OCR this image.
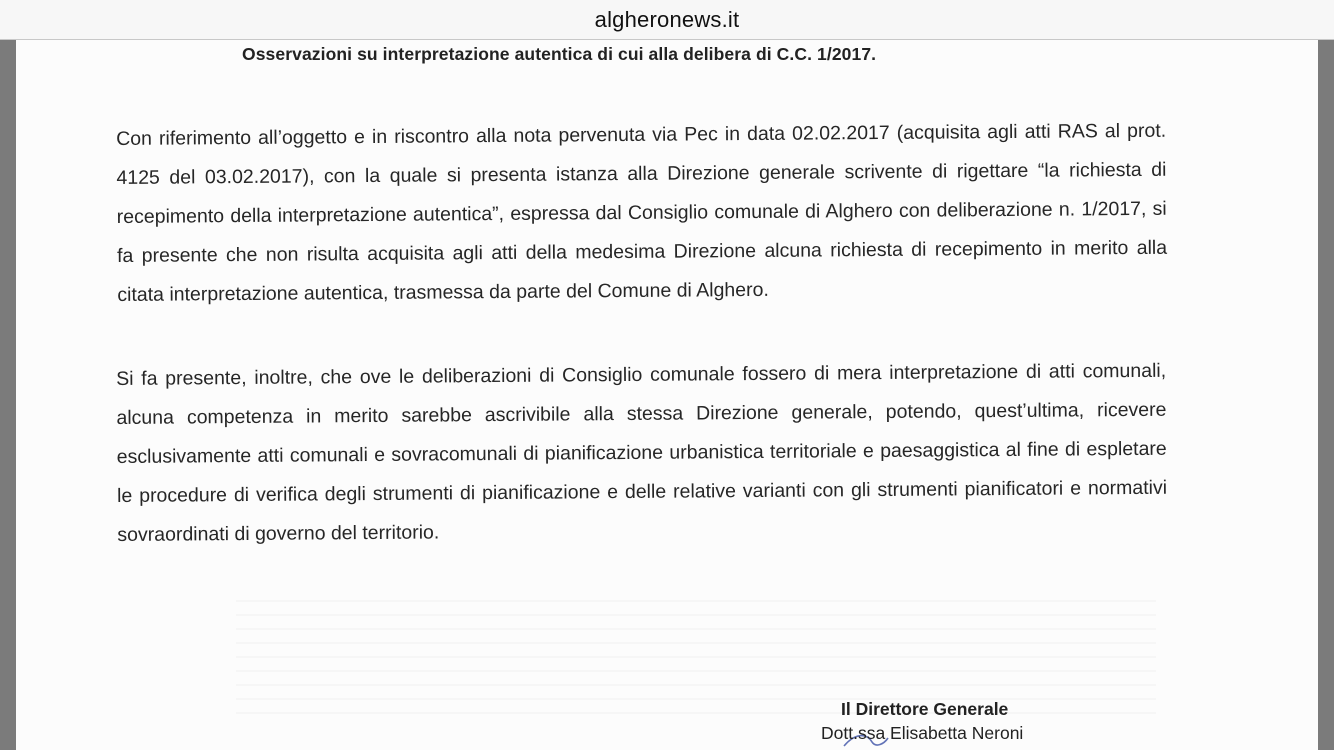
algheronews.it

Osservazioni su interpretazione autentica di cui alla delibera di C.C. 1/2017.

Con riferimento all’oggetto e in riscontro alla nota pervenuta via Pec in data 02.02.2017 (acquisita agli atti RAS al prot. 4125 del 03.02.2017), con la quale si presenta istanza alla Direzione generale scrivente di rigettare “la richiesta di recepimento della interpretazione autentica”, espressa dal Consiglio comunale di Alghero con deliberazione n. 1/2017, si fa presente che non risulta acquisita agli atti della medesima Direzione alcuna richiesta di recepimento in merito alla citata interpretazione autentica, trasmessa da parte del Comune di Alghero.

Si fa presente, inoltre, che ove le deliberazioni di Consiglio comunale fossero di mera interpretazione di atti comunali, alcuna competenza in merito sarebbe ascrivibile alla stessa Direzione generale, potendo, quest’ultima, ricevere esclusivamente atti comunali e sovracomunali di pianificazione urbanistica territoriale e paesaggistica al fine di espletare le procedure di verifica degli strumenti di pianificazione e delle relative varianti con gli strumenti pianificatori e normativi sovraordinati di governo del territorio.

Il Direttore Generale

Dott.ssa Elisabetta Neroni
